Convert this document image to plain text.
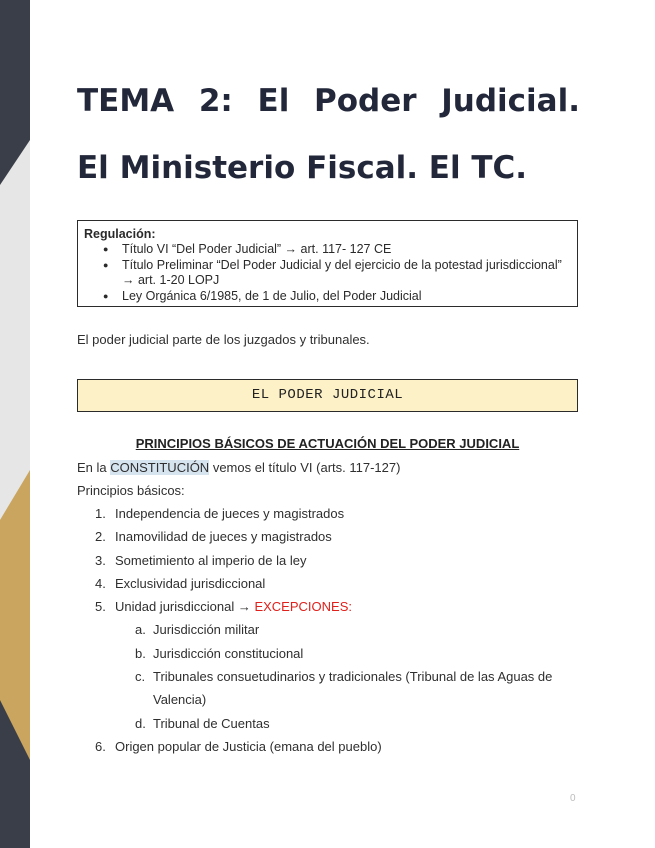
TEMA 2: El Poder Judicial.
El Ministerio Fiscal. El TC.
Regulación:
● Título VI “Del Poder Judicial” → art. 117- 127 CE
● Título Preliminar “Del Poder Judicial y del ejercicio de la potestad jurisdiccional” → art. 1-20 LOPJ
● Ley Orgánica 6/1985, de 1 de Julio, del Poder Judicial

El poder judicial parte de los juzgados y tribunales.

EL PODER JUDICIAL
PRINCIPIOS BÁSICOS DE ACTUACIÓN DEL PODER JUDICIAL

En la CONSTITUCIÓN vemos el título VI (arts. 117-127)

Principios básicos:

1. Independencia de jueces y magistrados
2. Inamovilidad de jueces y magistrados
3. Sometimiento al imperio de la ley
4. Exclusividad jurisdiccional
5. Unidad jurisdiccional → EXCEPCIONES:
a. Jurisdicción militar
b. Jurisdicción constitucional
c. Tribunales consuetudinarios y tradicionales (Tribunal de las Aguas de Valencia)
d. Tribunal de Cuentas
6. Origen popular de Justicia (emana del pueblo)
0
